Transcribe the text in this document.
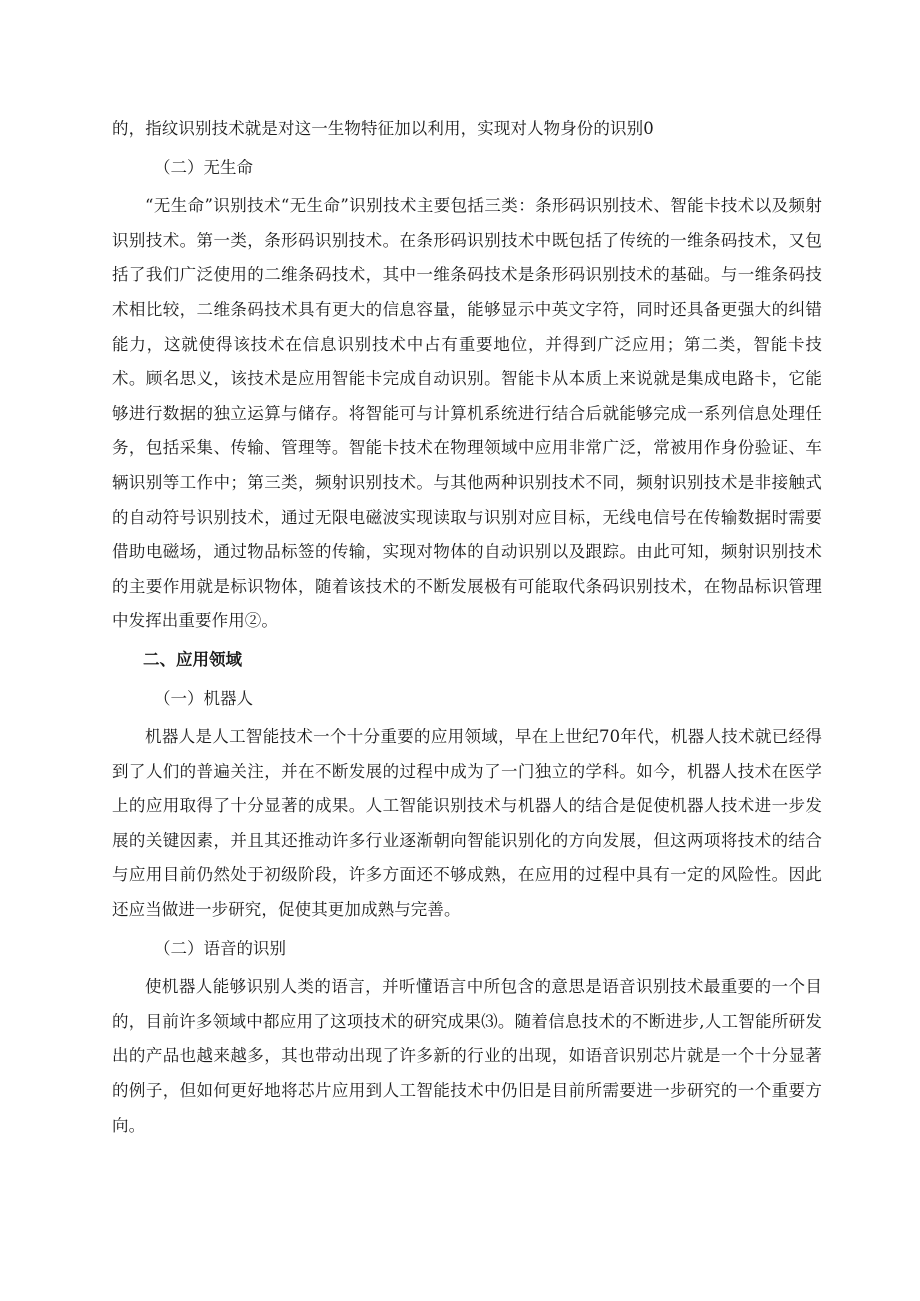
的，指纹识别技术就是对这一生物特征加以利用，实现对人物身份的识别0

（二）无生命

“无生命”识别技术“无生命”识别技术主要包括三类：条形码识别技术、智能卡技术以及频射识别技术。第一类，条形码识别技术。在条形码识别技术中既包括了传统的一维条码技术，又包括了我们广泛使用的二维条码技术，其中一维条码技术是条形码识别技术的基础。与一维条码技术相比较，二维条码技术具有更大的信息容量，能够显示中英文字符，同时还具备更强大的纠错能力，这就使得该技术在信息识别技术中占有重要地位，并得到广泛应用；第二类，智能卡技术。顾名思义，该技术是应用智能卡完成自动识别。智能卡从本质上来说就是集成电路卡，它能够进行数据的独立运算与储存。将智能可与计算机系统进行结合后就能够完成一系列信息处理任务，包括采集、传输、管理等。智能卡技术在物理领域中应用非常广泛，常被用作身份验证、车辆识别等工作中；第三类，频射识别技术。与其他两种识别技术不同，频射识别技术是非接触式的自动符号识别技术，通过无限电磁波实现读取与识别对应目标，无线电信号在传输数据时需要借助电磁场，通过物品标签的传输，实现对物体的自动识别以及跟踪。由此可知，频射识别技术的主要作用就是标识物体，随着该技术的不断发展极有可能取代条码识别技术，在物品标识管理中发挥出重要作用②。

二、应用领域

（一）机器人

机器人是人工智能技术一个十分重要的应用领域，早在上世纪70年代，机器人技术就已经得到了人们的普遍关注，并在不断发展的过程中成为了一门独立的学科。如今，机器人技术在医学上的应用取得了十分显著的成果。人工智能识别技术与机器人的结合是促使机器人技术进一步发展的关键因素，并且其还推动许多行业逐渐朝向智能识别化的方向发展，但这两项将技术的结合与应用目前仍然处于初级阶段，许多方面还不够成熟，在应用的过程中具有一定的风险性。因此还应当做进一步研究，促使其更加成熟与完善。

（二）语音的识别

使机器人能够识别人类的语言，并听懂语言中所包含的意思是语音识别技术最重要的一个目的，目前许多领域中都应用了这项技术的研究成果⑶。随着信息技术的不断进步,人工智能所研发出的产品也越来越多，其也带动出现了许多新的行业的出现，如语音识别芯片就是一个十分显著的例子，但如何更好地将芯片应用到人工智能技术中仍旧是目前所需要进一步研究的一个重要方向。
